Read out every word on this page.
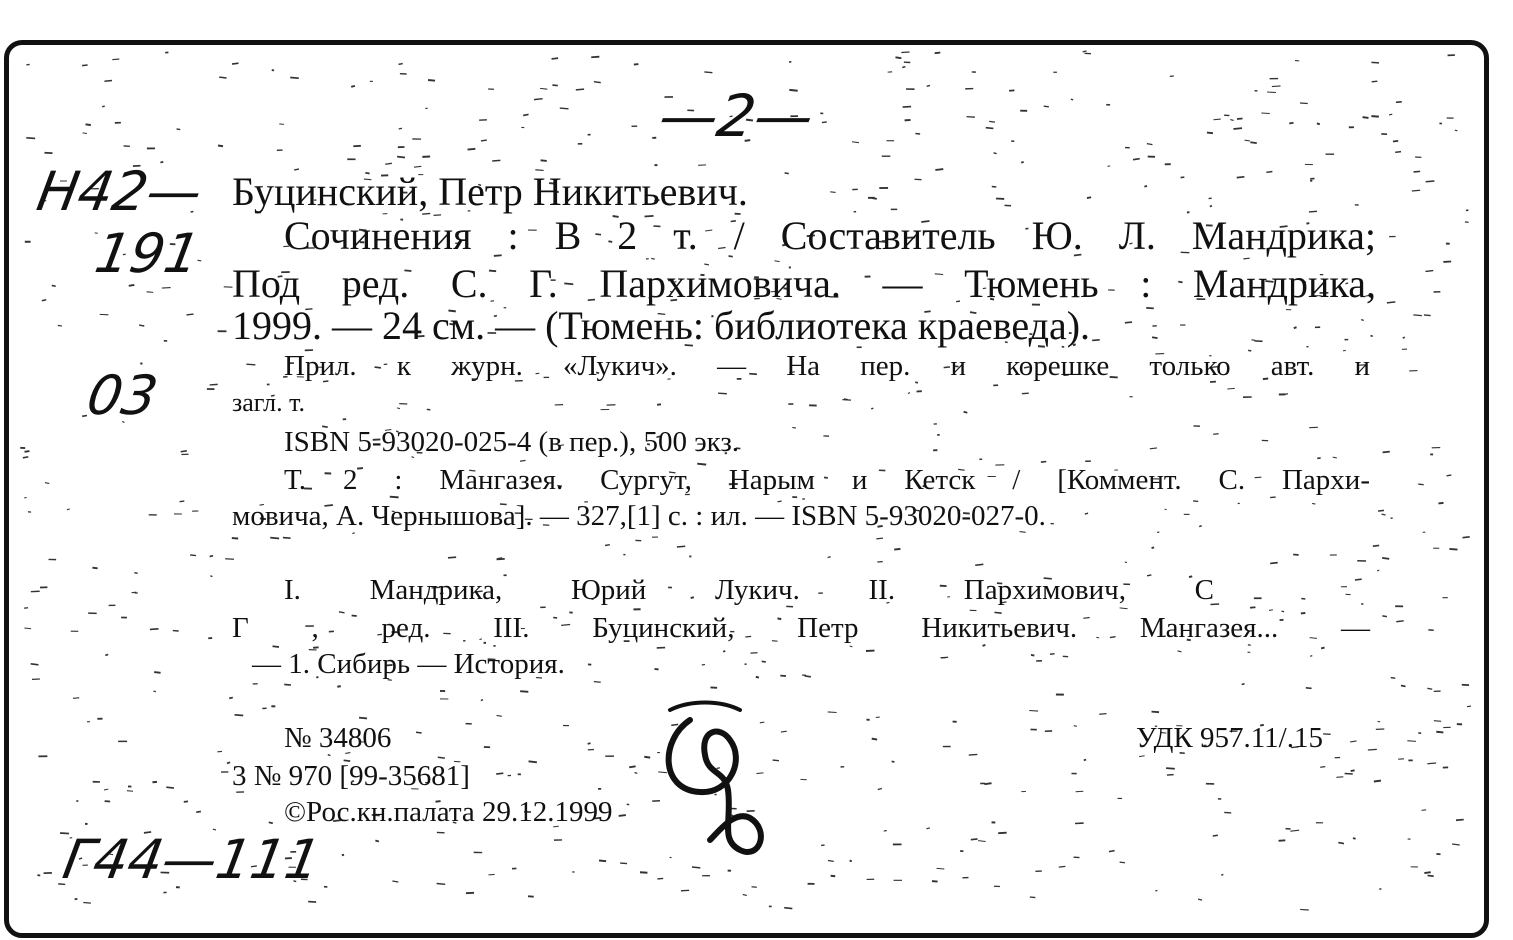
—2—
Н42—
191
03
Г44—111
Буцинский, Петр Никитьевич.
Сочинения : В 2 т. / Составитель Ю. Л. Мандрика;
Под ред. С. Г. Пархимовича. — Тюмень : Мандрика,
1999. — 24 см. — (Тюмень: библиотека краеведа).
Прил. к журн. «Лукич». — На пер. и корешке только авт. и
загл. т.
ISBN 5-93020-025-4 (в пер.), 500 экз.
Т. 2 : Мангазея. Сургут, Нарым и Кетск / [Коммент. С. Пархи-
мовича, А. Чернышова]. — 327,[1] с. : ил. — ISBN 5-93020-027-0.
I. Мандрика, Юрий Лукич. II. Пархимович, С
Г , ред. III. Буцинский, Петр Никитьевич. Мангазея... —
— 1. Сибирь — История.
№ 34806
3 № 970 [99-35681]
©Рос.кн.палата 29.12.1999
УДК 957.11/.15
